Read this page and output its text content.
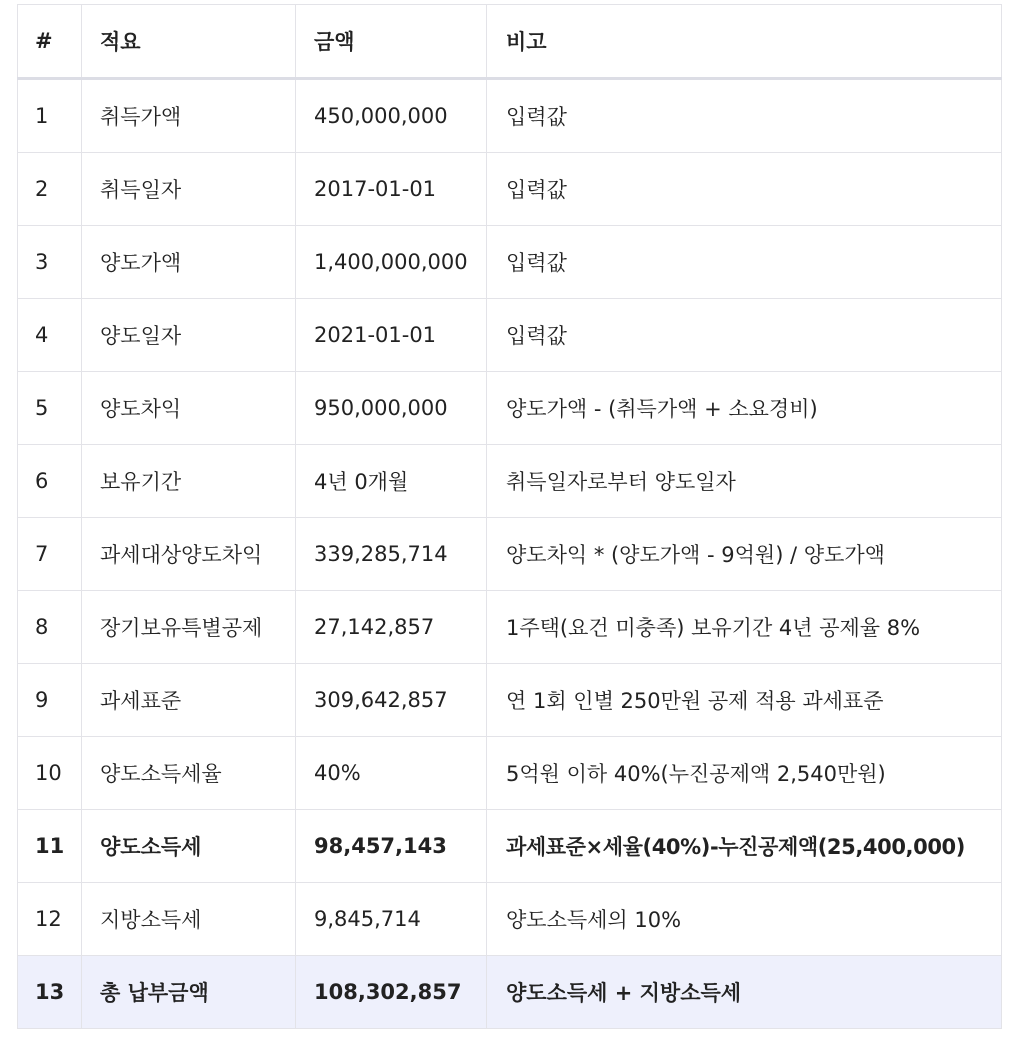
#	적요	금액	비고
1	취득가액	450,000,000	입력값
2	취득일자	2017-01-01	입력값
3	양도가액	1,400,000,000	입력값
4	양도일자	2021-01-01	입력값
5	양도차익	950,000,000	양도가액 - (취득가액 + 소요경비)
6	보유기간	4년 0개월	취득일자로부터 양도일자
7	과세대상양도차익	339,285,714	양도차익 * (양도가액 - 9억원) / 양도가액
8	장기보유특별공제	27,142,857	1주택(요건 미충족) 보유기간 4년 공제율 8%
9	과세표준	309,642,857	연 1회 인별 250만원 공제 적용 과세표준
10	양도소득세율	40%	5억원 이하 40%(누진공제액 2,540만원)
11	양도소득세	98,457,143	과세표준×세율(40%)-누진공제액(25,400,000)
12	지방소득세	9,845,714	양도소득세의 10%
13	총 납부금액	108,302,857	양도소득세 + 지방소득세
